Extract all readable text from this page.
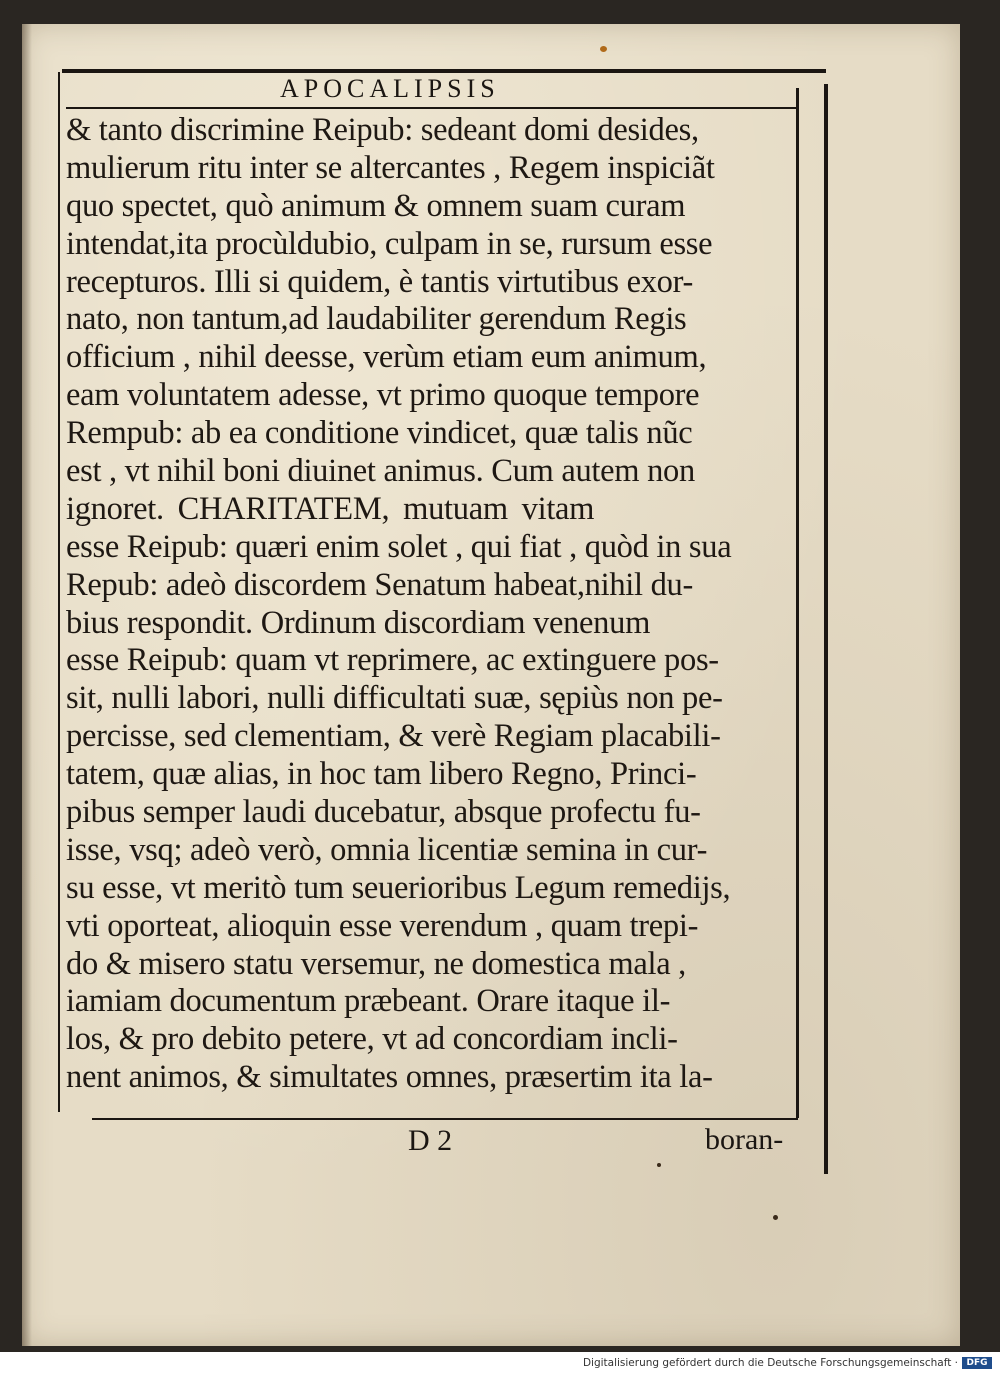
APOCALIPSIS
& tanto discrimine Reipub: sedeant domi desides,
mulierum ritu inter se altercantes , Regem inspiciãt
quo spectet, quò animum & omnem suam curam
intendat,ita procùldubio, culpam in se, rursum esse
recepturos. Illi si quidem, è tantis virtutibus exor-
nato, non tantum,ad laudabiliter gerendum Regis
officium , nihil deesse, verùm etiam eum animum,
eam voluntatem adesse, vt primo quoque tempore
Rempub: ab ea conditione vindicet, quæ talis nũc
est , vt nihil boni diuinet animus. Cum autem non
ignoret. CHARITATEM, mutuam vitam
esse Reipub: quæri enim solet , qui fiat , quòd in sua
Repub: adeò discordem Senatum habeat,nihil du-
bius respondit. Ordinum discordiam venenum
esse Reipub: quam vt reprimere, ac extinguere pos-
sit, nulli labori, nulli difficultati suæ, sępiùs non pe-
percisse, sed clementiam, & verè Regiam placabili-
tatem, quæ alias, in hoc tam libero Regno, Princi-
pibus semper laudi ducebatur, absque profectu fu-
isse, vsq; adeò verò, omnia licentiæ semina in cur-
su esse, vt meritò tum seuerioribus Legum remedijs,
vti oporteat, alioquin esse verendum , quam trepi-
do & misero statu versemur, ne domestica mala ,
iamiam documentum præbeant. Orare itaque il-
los, & pro debito petere, vt ad concordiam incli-
nent animos, & simultates omnes, præsertim ita la-
D 2	boran-
Digitalisierung gefördert durch die Deutsche Forschungsgemeinschaft · DFG
